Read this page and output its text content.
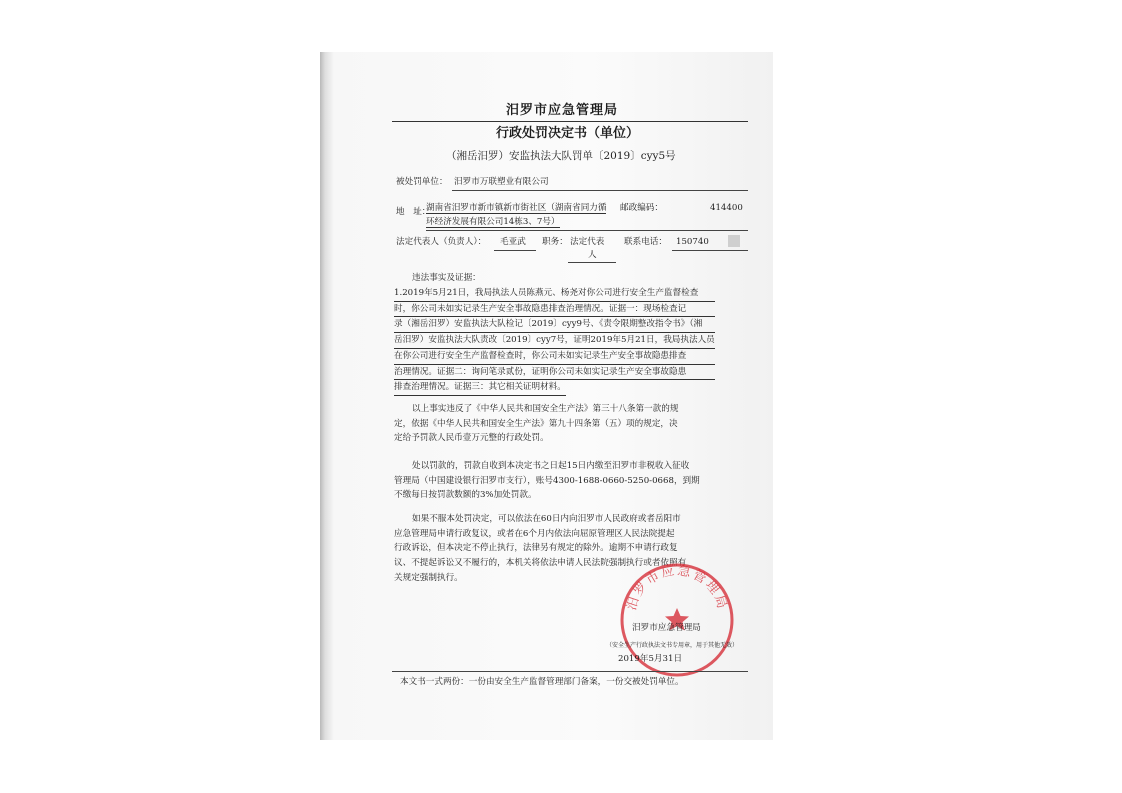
汨罗市应急管理局
行政处罚决定书（单位）
（湘岳汨罗）安监执法大队罚单〔2019〕cyy5号
被处罚单位： 汨罗市万联塑业有限公司
地　址：
湖南省汨罗市新市镇新市街社区（湖南省同力循
环经济发展有限公司14栋3、7号）
邮政编码：	414400
法定代表人（负责人）： 毛亚武 职务： 法定代表
人
联系电话： 150740
违法事实及证据：
1.2019年5月21日，我局执法人员陈燕元、杨尧对你公司进行安全生产监督检查
时，你公司未如实记录生产安全事故隐患排查治理情况。证据一：现场检查记
录（湘岳汨罗）安监执法大队检记〔2019〕cyy9号、《责令限期整改指令书》（湘
岳汨罗）安监执法大队责改〔2019〕cyy7号，证明2019年5月21日，我局执法人员
在你公司进行安全生产监督检查时，你公司未如实记录生产安全事故隐患排查
治理情况。证据二：询问笔录贰份，证明你公司未如实记录生产安全事故隐患
排查治理情况。证据三：其它相关证明材料。
以上事实违反了《中华人民共和国安全生产法》第三十八条第一款的规
定，依据《中华人民共和国安全生产法》第九十四条第（五）项的规定，决
定给予罚款人民币壹万元整的行政处罚。
处以罚款的，罚款自收到本决定书之日起15日内缴至汨罗市非税收入征收
管理局（中国建设银行汨罗市支行），账号4300-1688-0660-5250-0668，到期
不缴每日按罚款数额的3%加处罚款。
如果不服本处罚决定，可以依法在60日内向汨罗市人民政府或者岳阳市
应急管理局申请行政复议，或者在6个月内依法向屈原管理区人民法院提起
行政诉讼，但本决定不停止执行，法律另有规定的除外。逾期不申请行政复
议、不提起诉讼又不履行的，本机关将依法申请人民法院强制执行或者依照有
关规定强制执行。
汨罗市应急管理局
汨罗市应急管理局
（安全生产行政执法文书专用章，用于其他无效）
2019年5月31日
本文书一式两份：一份由安全生产监督管理部门备案，一份交被处罚单位。
